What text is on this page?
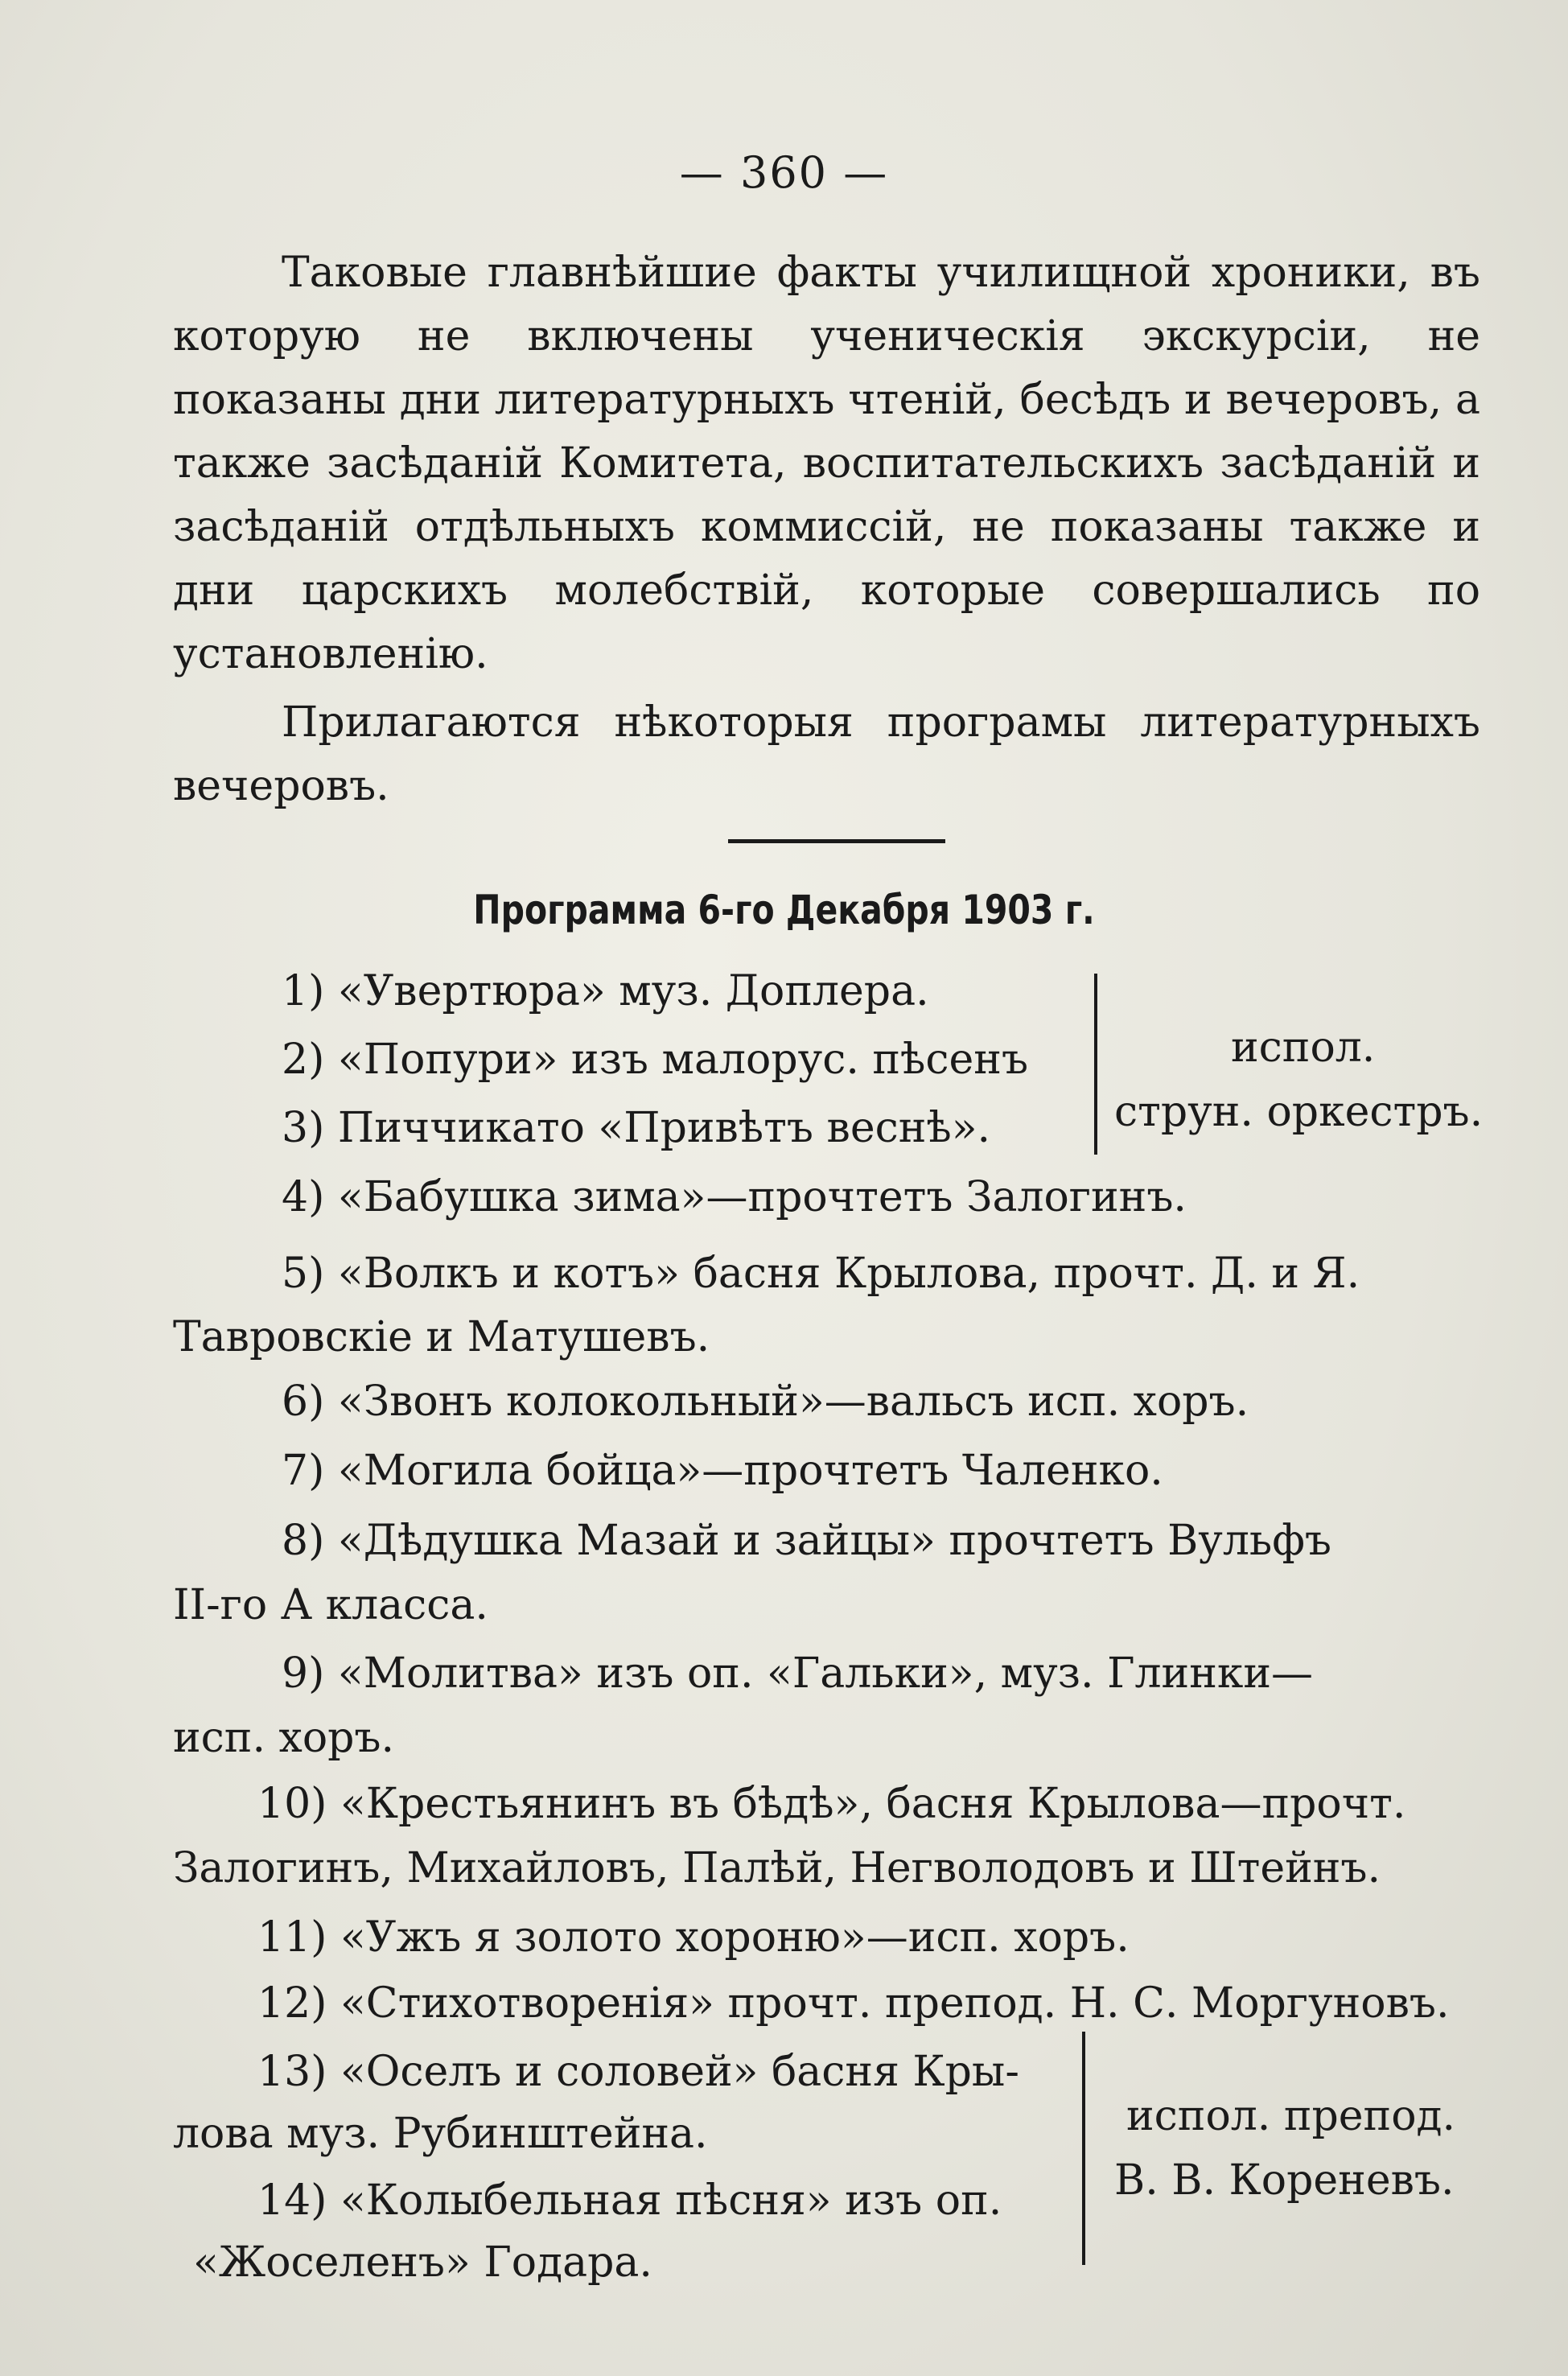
— 360 —

Таковые главнѣйшие факты училищной хроники, въ которую не включены ученическія экскурсіи, не показаны дни литературныхъ чтеній, бесѣдъ и вечеровъ, а также засѣданій Комитета, воспитательскихъ засѣданій и засѣданій отдѣльныхъ коммиссій, не показаны также и дни царскихъ молебствій, которые совершались по установленію.

Прилагаются нѣкоторыя програмы литературныхъ вечеровъ.

Программа 6-го Декабря 1903 г.
1) «Увертюра» муз. Доплера.
2) «Попури» изъ малорус. пѣсенъ
3) Пиччикато «Привѣтъ веснѣ».
испол.
струн. оркестръ.
4) «Бабушка зима»—прочтетъ Залогинъ.
5) «Волкъ и котъ» басня Крылова, прочт. Д. и Я.
Тавровскіе и Матушевъ.
6) «Звонъ колокольный»—вальсъ исп. хоръ.
7) «Могила бойца»—прочтетъ Чаленко.
8) «Дѣдушка Мазай и зайцы» прочтетъ Вульфъ
II-го А класса.
9) «Молитва» изъ оп. «Гальки», муз. Глинки—
исп. хоръ.
10) «Крестьянинъ въ бѣдѣ», басня Крылова—прочт.
Залогинъ, Михайловъ, Палѣй, Негволодовъ и Штейнъ.
11) «Ужъ я золото хороню»—исп. хоръ.
12) «Стихотворенія» прочт. препод. Н. С. Моргуновъ.
13) «Оселъ и соловей» басня Кры-
лова муз. Рубинштейна.
14) «Колыбельная пѣсня» изъ оп.
«Жоселенъ» Годара.
испол. препод.
В. В. Кореневъ.
